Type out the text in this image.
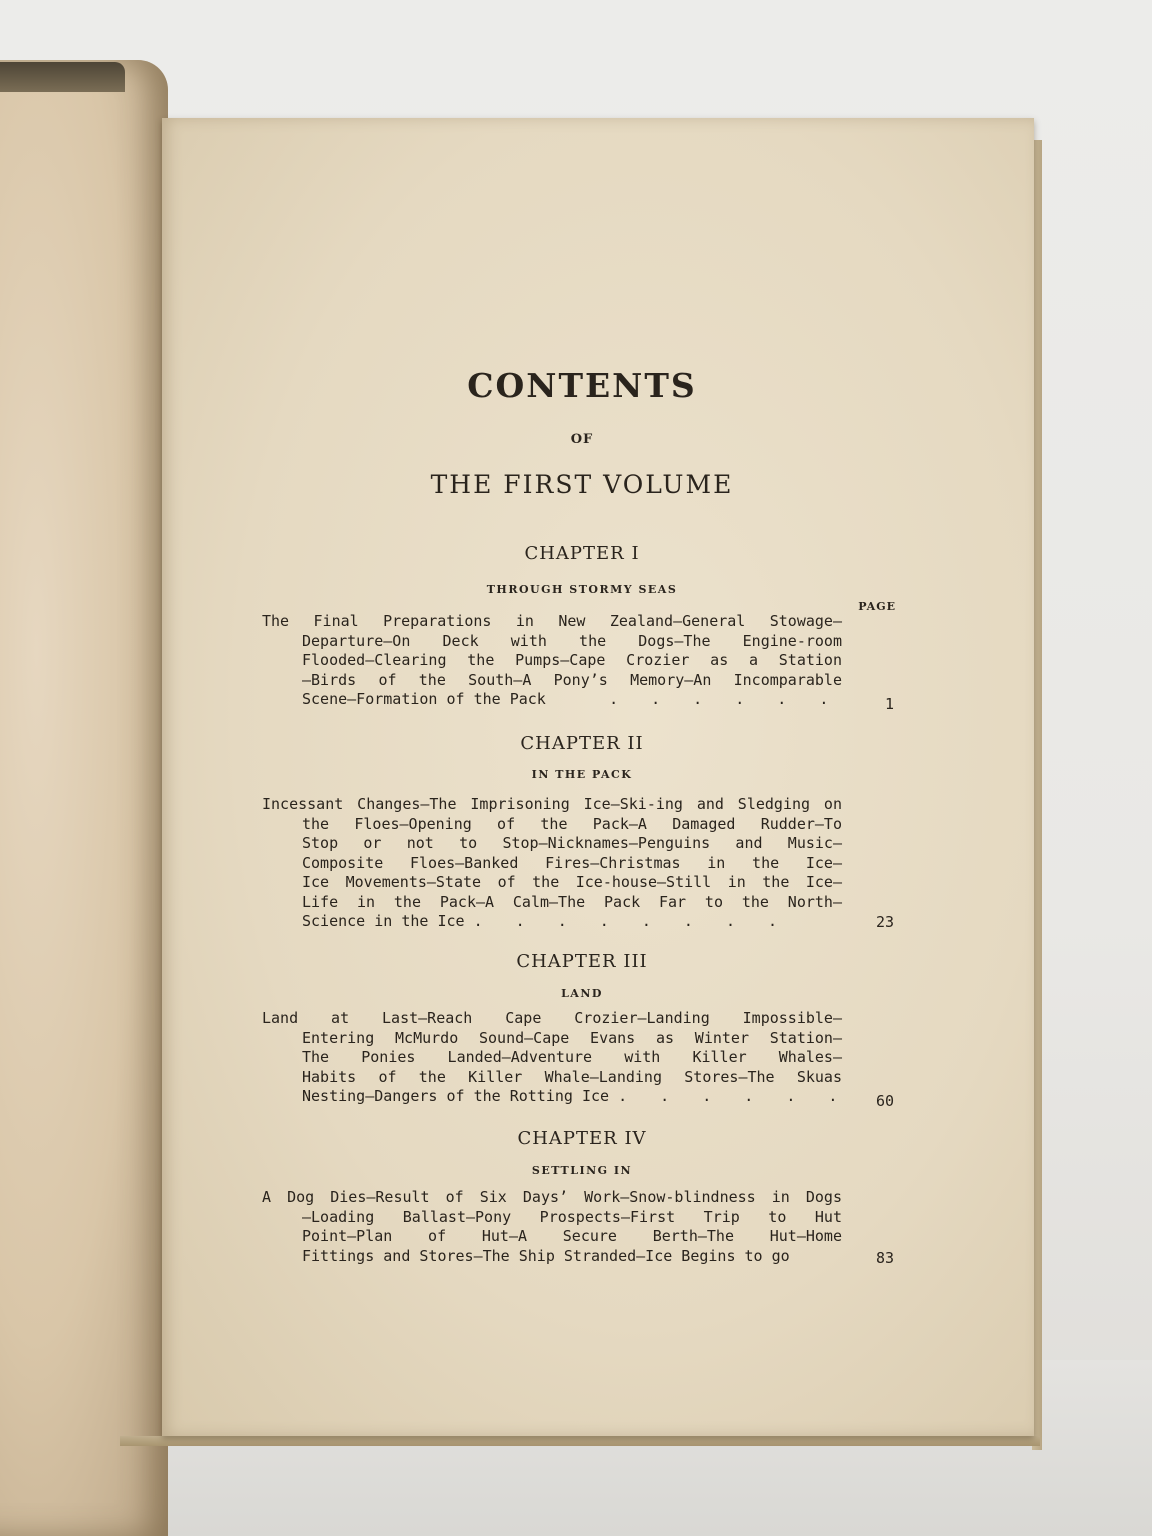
CONTENTS
OF
THE FIRST VOLUME
CHAPTER I
THROUGH STORMY SEAS
PAGE
The Final Preparations in New Zealand—General Stowage—
Departure—On Deck with the Dogs—The Engine-room
Flooded—Clearing the Pumps—Cape Crozier as a Station
—Birds of the South—A Pony’s Memory—An Incomparable
Scene—Formation of the Pack	. . . . . .	1
CHAPTER II
IN THE PACK
Incessant Changes—The Imprisoning Ice—Ski-ing and Sledging on
the Floes—Opening of the Pack—A Damaged Rudder—To
Stop or not to Stop—Nicknames—Penguins and Music—
Composite Floes—Banked Fires—Christmas in the Ice—
Ice Movements—State of the Ice-house—Still in the Ice—
Life in the Pack—A Calm—The Pack Far to the North—
Science in the Ice . . . . . . . .	23
CHAPTER III
LAND
Land at Last—Reach Cape Crozier—Landing Impossible—
Entering McMurdo Sound—Cape Evans as Winter Station—
The Ponies Landed—Adventure with Killer Whales—
Habits of the Killer Whale—Landing Stores—The Skuas
Nesting—Dangers of the Rotting Ice . . . . . .	60
CHAPTER IV
SETTLING IN
A Dog Dies—Result of Six Days’ Work—Snow-blindness in Dogs
—Loading Ballast—Pony Prospects—First Trip to Hut
Point—Plan of Hut—A Secure Berth—The Hut—Home
Fittings and Stores—The Ship Stranded—Ice Begins to go	83
